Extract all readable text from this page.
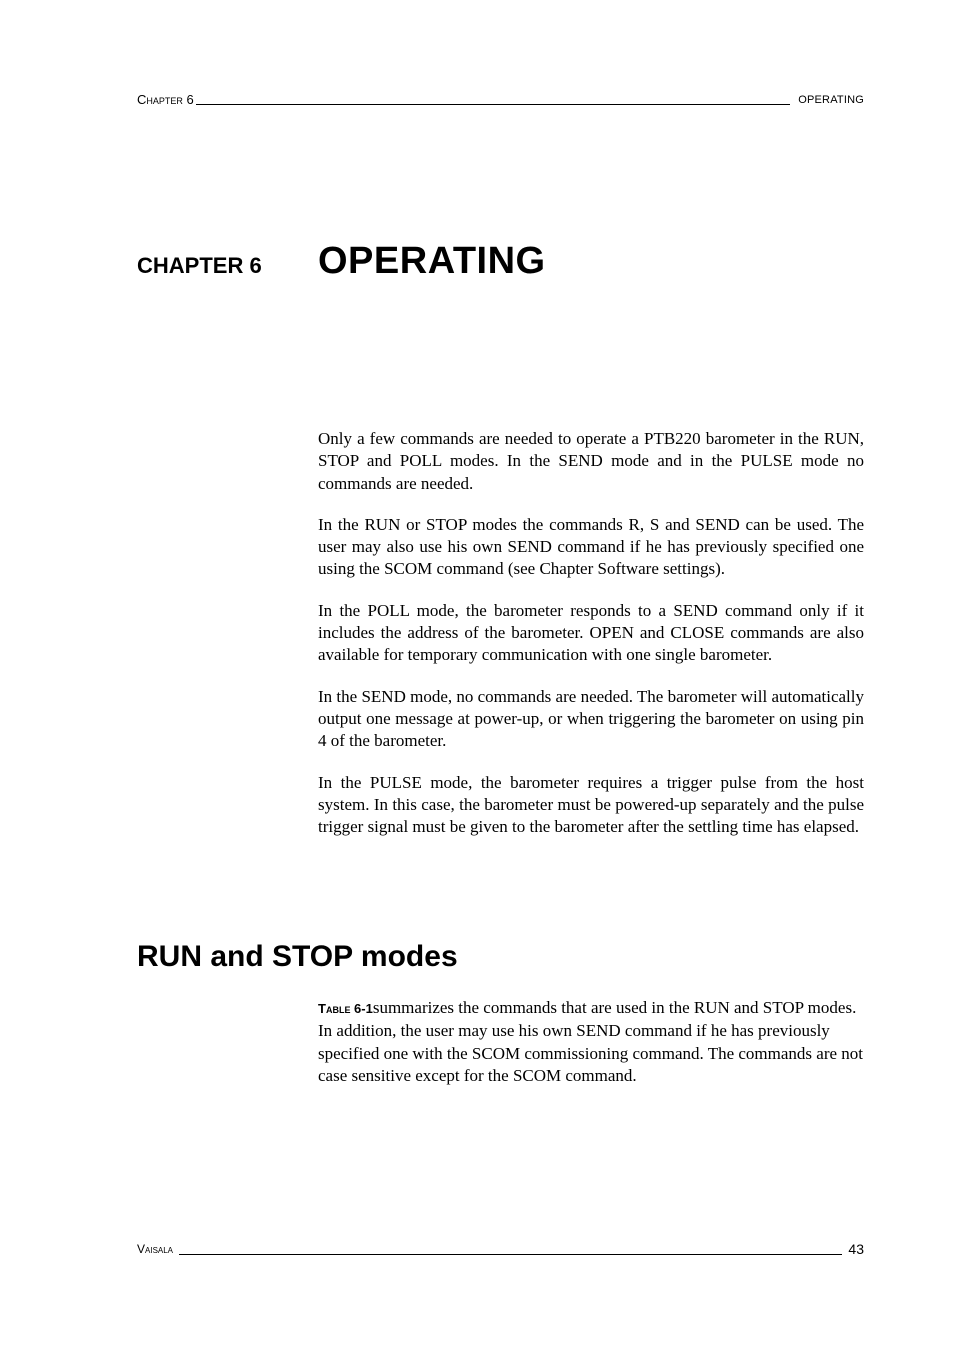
Chapter 6	OPERATING
CHAPTER 6	OPERATING

Only a few commands are needed to operate a PTB220 barometer in the RUN, STOP and POLL modes. In the SEND mode and in the PULSE mode no commands are needed.

In the RUN or STOP modes the commands R, S and SEND can be used. The user may also use his own SEND command if he has previously specified one using the SCOM command (see Chapter Software settings).

In the POLL mode, the barometer responds to a SEND command only if it includes the address of the barometer. OPEN and CLOSE commands are also available for temporary communication with one single barometer.

In the SEND mode, no commands are needed. The barometer will automatically output one message at power-up, or when triggering the barometer on using pin 4 of the barometer.

In the PULSE mode, the barometer requires a trigger pulse from the host system. In this case, the barometer must be powered-up separately and the pulse trigger signal must be given to the barometer after the settling time has elapsed.

RUN and STOP modes

Table 6-1summarizes the commands that are used in the RUN and STOP modes. In addition, the user may use his own SEND command if he has previously specified one with the SCOM commissioning command. The commands are not case sensitive except for the SCOM command.

Vaisala	43
